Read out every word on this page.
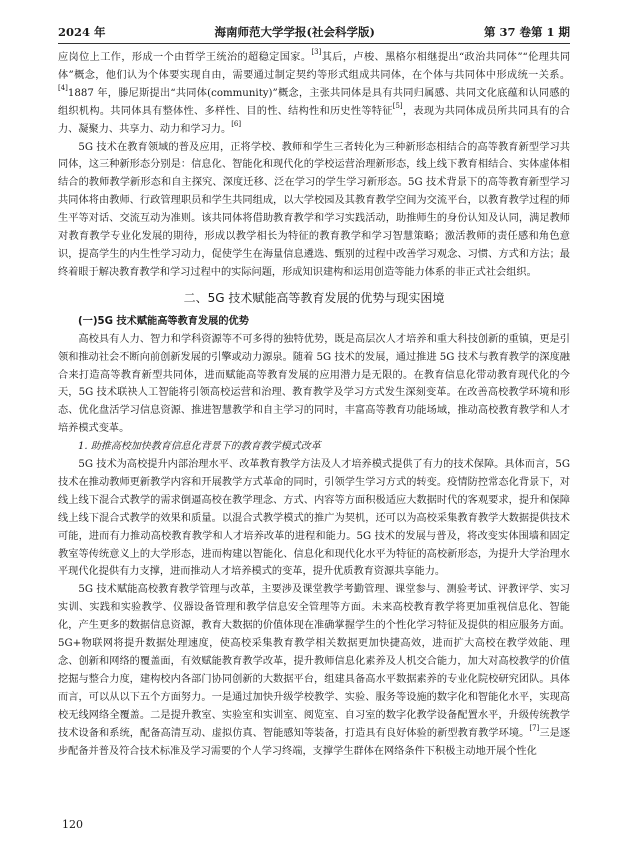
2024 年	海南师范大学学报(社会科学版)	第 37 卷第 1 期

应岗位上工作，形成一个由哲学王统治的超稳定国家。[3]其后，卢梭、黑格尔相继提出“政治共同体”“伦理共同体”概念，他们认为个体要实现自由，需要通过制定契约等形式组成共同体，在个体与共同体中形成统一关系。[4]1887 年，滕尼斯提出“共同体(community)”概念，主张共同体是具有共同归属感、共同文化底蕴和认同感的组织机构。共同体具有整体性、多样性、目的性、结构性和历史性等特征[5]，表现为共同体成员所共同具有的合力、凝聚力、共享力、动力和学习力。[6]

5G 技术在教育领域的普及应用，正将学校、教师和学生三者转化为三种新形态相结合的高等教育新型学习共同体，这三种新形态分别是：信息化、智能化和现代化的学校运营治理新形态，线上线下教育相结合、实体虚体相结合的教师教学新形态和自主探究、深度迁移、泛在学习的学生学习新形态。5G 技术背景下的高等教育新型学习共同体将由教师、行政管理职员和学生共同组成，以大学校园及其教育教学空间为交流平台，以教育教学过程的师生平等对话、交流互动为准则。该共同体将借助教育教学和学习实践活动，助推师生的身份认知及认同，满足教师对教育教学专业化发展的期待，形成以教学相长为特征的教育教学和学习智慧策略；激活教师的责任感和角色意识，提高学生的内生性学习动力，促使学生在海量信息遴选、甄别的过程中改善学习观念、习惯、方式和方法；最终着眼于解决教育教学和学习过程中的实际问题，形成知识建构和运用创造等能力体系的非正式社会组织。

二、5G 技术赋能高等教育发展的优势与现实困境
(一)5G 技术赋能高等教育发展的优势

高校具有人力、智力和学科资源等不可多得的独特优势，既是高层次人才培养和重大科技创新的重镇，更是引领和推动社会不断向前创新发展的引擎或动力源泉。随着 5G 技术的发展，通过推进 5G 技术与教育教学的深度融合来打造高等教育新型共同体，进而赋能高等教育发展的应用潜力是无限的。在教育信息化带动教育现代化的今天，5G 技术联袂人工智能将引领高校运营和治理、教育教学及学习方式发生深刻变革。在改善高校教学环境和形态、优化盘活学习信息资源、推进智慧教学和自主学习的同时，丰富高等教育功能场域，推动高校教育教学和人才培养模式变革。

1. 助推高校加快教育信息化背景下的教育教学模式改革

5G 技术为高校提升内部治理水平、改革教育教学方法及人才培养模式提供了有力的技术保障。具体而言，5G 技术在推动教师更新教学内容和开展教学方式革命的同时，引领学生学习方式的转变。疫情防控常态化背景下，对线上线下混合式教学的需求倒逼高校在教学理念、方式、内容等方面积极适应大数据时代的客观要求，提升和保障线上线下混合式教学的效果和质量。以混合式教学模式的推广为契机，还可以为高校采集教育教学大数据提供技术可能，进而有力推动高校教育教学和人才培养改革的进程和能力。5G 技术的发展与普及，将改变实体围墙和固定教室等传统意义上的大学形态，进而构建以智能化、信息化和现代化水平为特征的高校新形态，为提升大学治理水平现代化提供有力支撑，进而推动人才培养模式的变革，提升优质教育资源共享能力。

5G 技术赋能高校教育教学管理与改革，主要涉及课堂教学考勤管理、课堂参与、测验考试、评教评学、实习实训、实践和实验教学、仪器设备管理和教学信息安全管理等方面。未来高校教育教学将更加重视信息化、智能化，产生更多的数据信息资源，教育大数据的价值体现在准确掌握学生的个性化学习特征及提供的相应服务方面。5G+物联网将提升数据处理速度，使高校采集教育教学相关数据更加快捷高效，进而扩大高校在教学效能、理念、创新和网络的覆盖面，有效赋能教育教学改革，提升教师信息化素养及人机交合能力，加大对高校教学的价值挖掘与整合力度，建构校内各部门协同创新的大数据平台，组建具备高水平数据素养的专业化院校研究团队。具体而言，可以从以下五个方面努力。一是通过加快升级学校教学、实验、服务等设施的数字化和智能化水平，实现高校无线网络全覆盖。二是提升教室、实验室和实训室、阅览室、自习室的数字化教学设备配置水平，升级传统教学技术设备和系统，配备高清互动、虚拟仿真、智能感知等装备，打造具有良好体验的新型教育教学环境。[7]三是逐步配备并普及符合技术标准及学习需要的个人学习终端，支撑学生群体在网络条件下积极主动地开展个性化

120
